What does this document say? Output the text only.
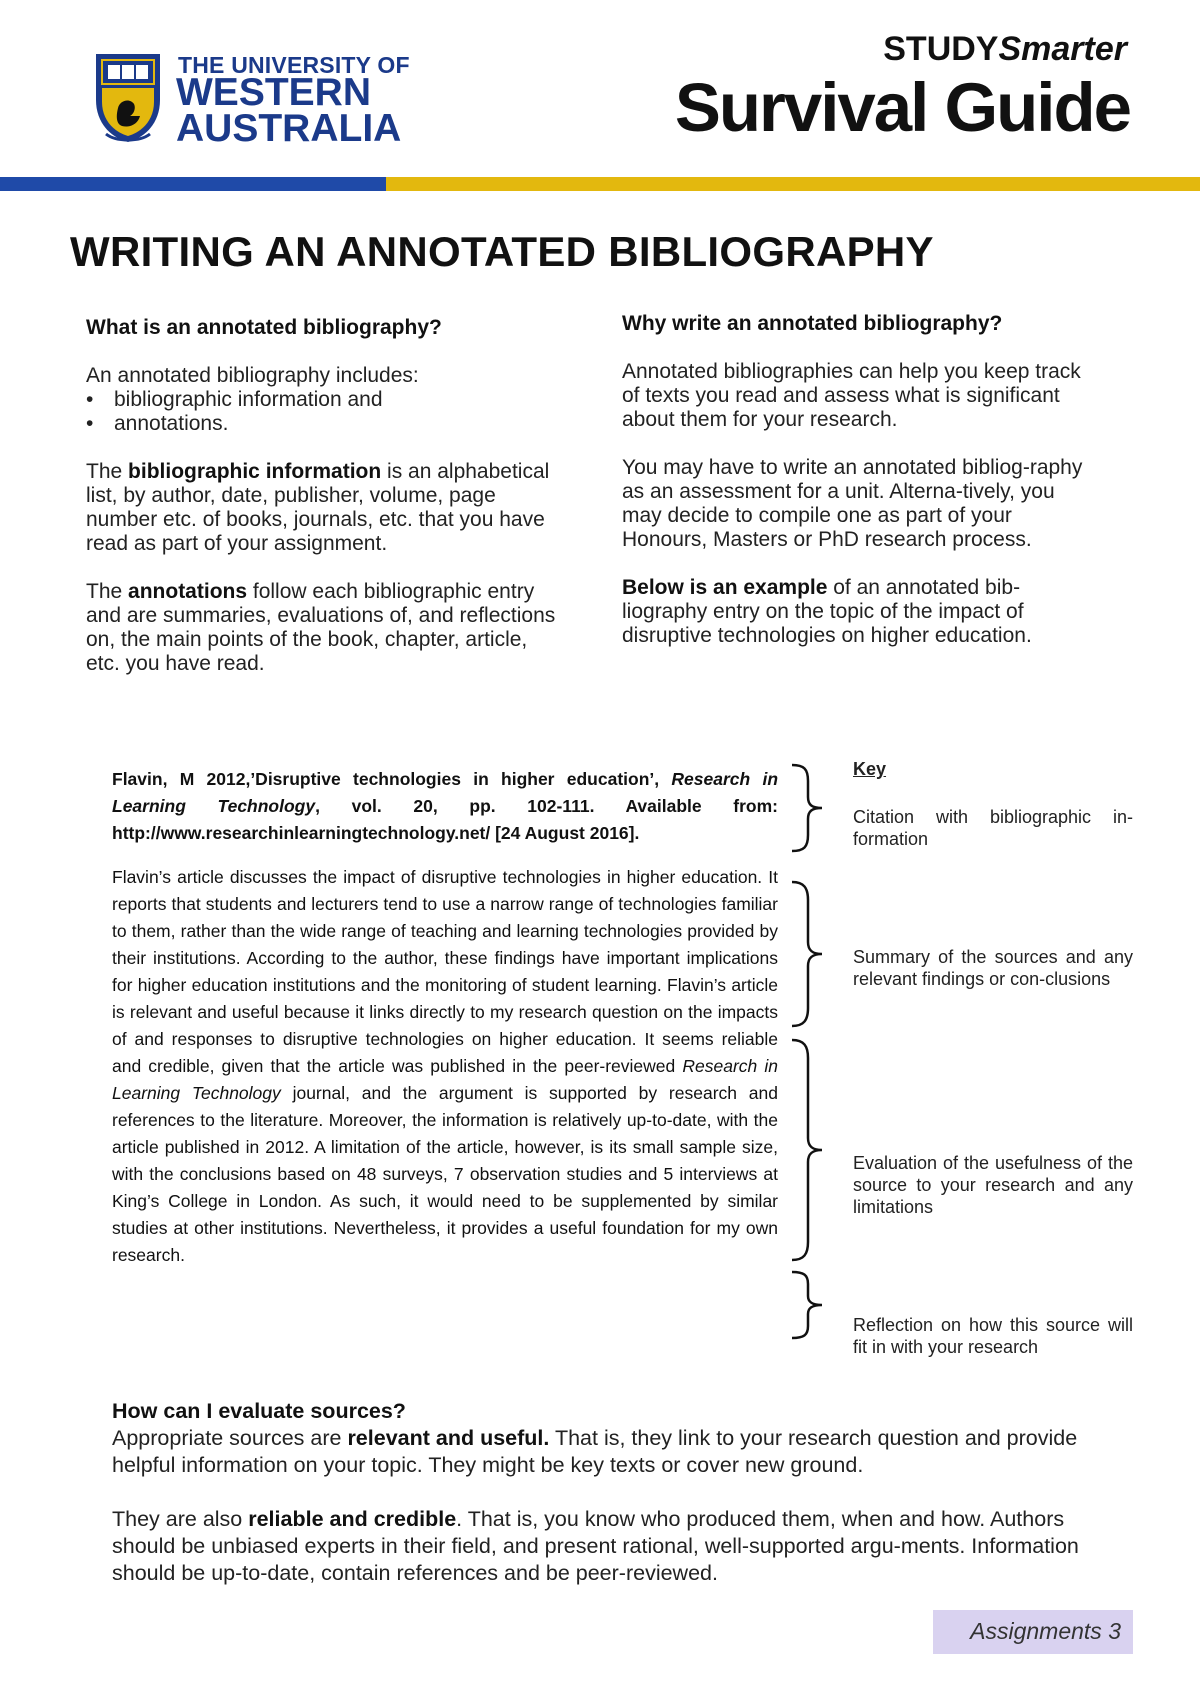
THE UNIVERSITY OF
WESTERN
AUSTRALIA
STUDYSmarter
Survival Guide
WRITING AN ANNOTATED BIBLIOGRAPHY
What is an annotated bibliography?

An annotated bibliography includes:

• bibliographic information and
• annotations.

The bibliographic information is an alphabetical list, by author, date, publisher, volume, page number etc. of books, journals, etc. that you have read as part of your assignment.

The annotations follow each bibliographic entry and are summaries, evaluations of, and reflections on, the main points of the book, chapter, article, etc. you have read.

Why write an annotated bibliography?

Annotated bibliographies can help you keep track of texts you read and assess what is significant about them for your research.

You may have to write an annotated bibliog-raphy as an assessment for a unit. Alterna-tively, you may decide to compile one as part of your Honours, Masters or PhD research process.

Below is an example of an annotated bib-liography entry on the topic of the impact of disruptive technologies on higher education.

Flavin, M 2012,’Disruptive technologies in higher education’, Research in Learning Technology, vol. 20, pp. 102-111. Available from: http://www.researchinlearningtechnology.net/ [24 August 2016].
Flavin’s article discusses the impact of disruptive technologies in higher education. It reports that students and lecturers tend to use a narrow range of technologies familiar to them, rather than the wide range of teaching and learning technologies provided by their institutions. According to the author, these findings have important implications for higher education institutions and the monitoring of student learning. Flavin’s article is relevant and useful because it links directly to my research question on the impacts of and responses to disruptive technologies on higher education. It seems reliable and credible, given that the article was published in the peer-reviewed Research in Learning Technology journal, and the argument is supported by research and references to the literature. Moreover, the information is relatively up-to-date, with the article published in 2012. A limitation of the article, however, is its small sample size, with the conclusions based on 48 surveys, 7 observation studies and 5 interviews at King’s College in London. As such, it would need to be supplemented by similar studies at other institutions. Nevertheless, it provides a useful foundation for my own research.
Key
Citation with bibliographic in-formation
Summary of the sources and any relevant findings or con-clusions
Evaluation of the usefulness of the source to your research and any limitations
Reflection on how this source will fit in with your research
How can I evaluate sources?

Appropriate sources are relevant and useful. That is, they link to your research question and provide helpful information on your topic. They might be key texts or cover new ground.

They are also reliable and credible. That is, you know who produced them, when and how. Authors should be unbiased experts in their field, and present rational, well-supported argu-ments. Information should be up-to-date, contain references and be peer-reviewed.

Assignments 3
